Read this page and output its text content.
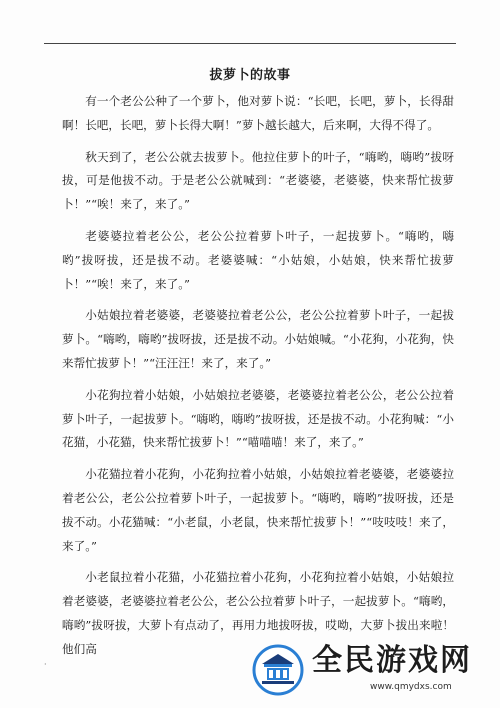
拔萝卜的故事

有一个老公公种了一个萝卜，他对萝卜说：“长吧，长吧，萝卜，长得甜啊！长吧，长吧，萝卜长得大啊！”萝卜越长越大，后来啊，大得不得了。

秋天到了，老公公就去拔萝卜。他拉住萝卜的叶子，“嗨哟，嗨哟”拔呀拔，可是他拔不动。于是老公公就喊到：“老婆婆，老婆婆，快来帮忙拔萝卜！”“唉！来了，来了。”

老婆婆拉着老公公，老公公拉着萝卜叶子，一起拔萝卜。“嗨哟，嗨哟”拔呀拔，还是拔不动。老婆婆喊：“小姑娘，小姑娘，快来帮忙拔萝卜！”“唉！来了，来了。”

小姑娘拉着老婆婆，老婆婆拉着老公公，老公公拉着萝卜叶子，一起拔萝卜。“嗨哟，嗨哟”拔呀拔，还是拔不动。小姑娘喊。“小花狗，小花狗，快来帮忙拔萝卜！”“汪汪汪！来了，来了。”

小花狗拉着小姑娘，小姑娘拉老婆婆，老婆婆拉着老公公，老公公拉着萝卜叶子，一起拔萝卜。“嗨哟，嗨哟”拔呀拔，还是拔不动。小花狗喊：“小花猫，小花猫，快来帮忙拔萝卜！”“喵喵喵！来了，来了。”

小花猫拉着小花狗，小花狗拉着小姑娘，小姑娘拉着老婆婆，老婆婆拉着老公公，老公公拉着萝卜叶子，一起拔萝卜。“嗨哟，嗨哟”拔呀拔，还是拔不动。小花猫喊：“小老鼠，小老鼠，快来帮忙拔萝卜！”“吱吱吱！来了，来了。”

小老鼠拉着小花猫，小花猫拉着小花狗，小花狗拉着小姑娘，小姑娘拉着老婆婆，老婆婆拉着老公公，老公公拉着萝卜叶子，一起拔萝卜。“嗨哟，嗨哟”拔呀拔，大萝卜有点动了，再用力地拔呀拔，哎呦，大萝卜拔出来啦！他们高

·	全民游戏网
www.qmydxs.com
